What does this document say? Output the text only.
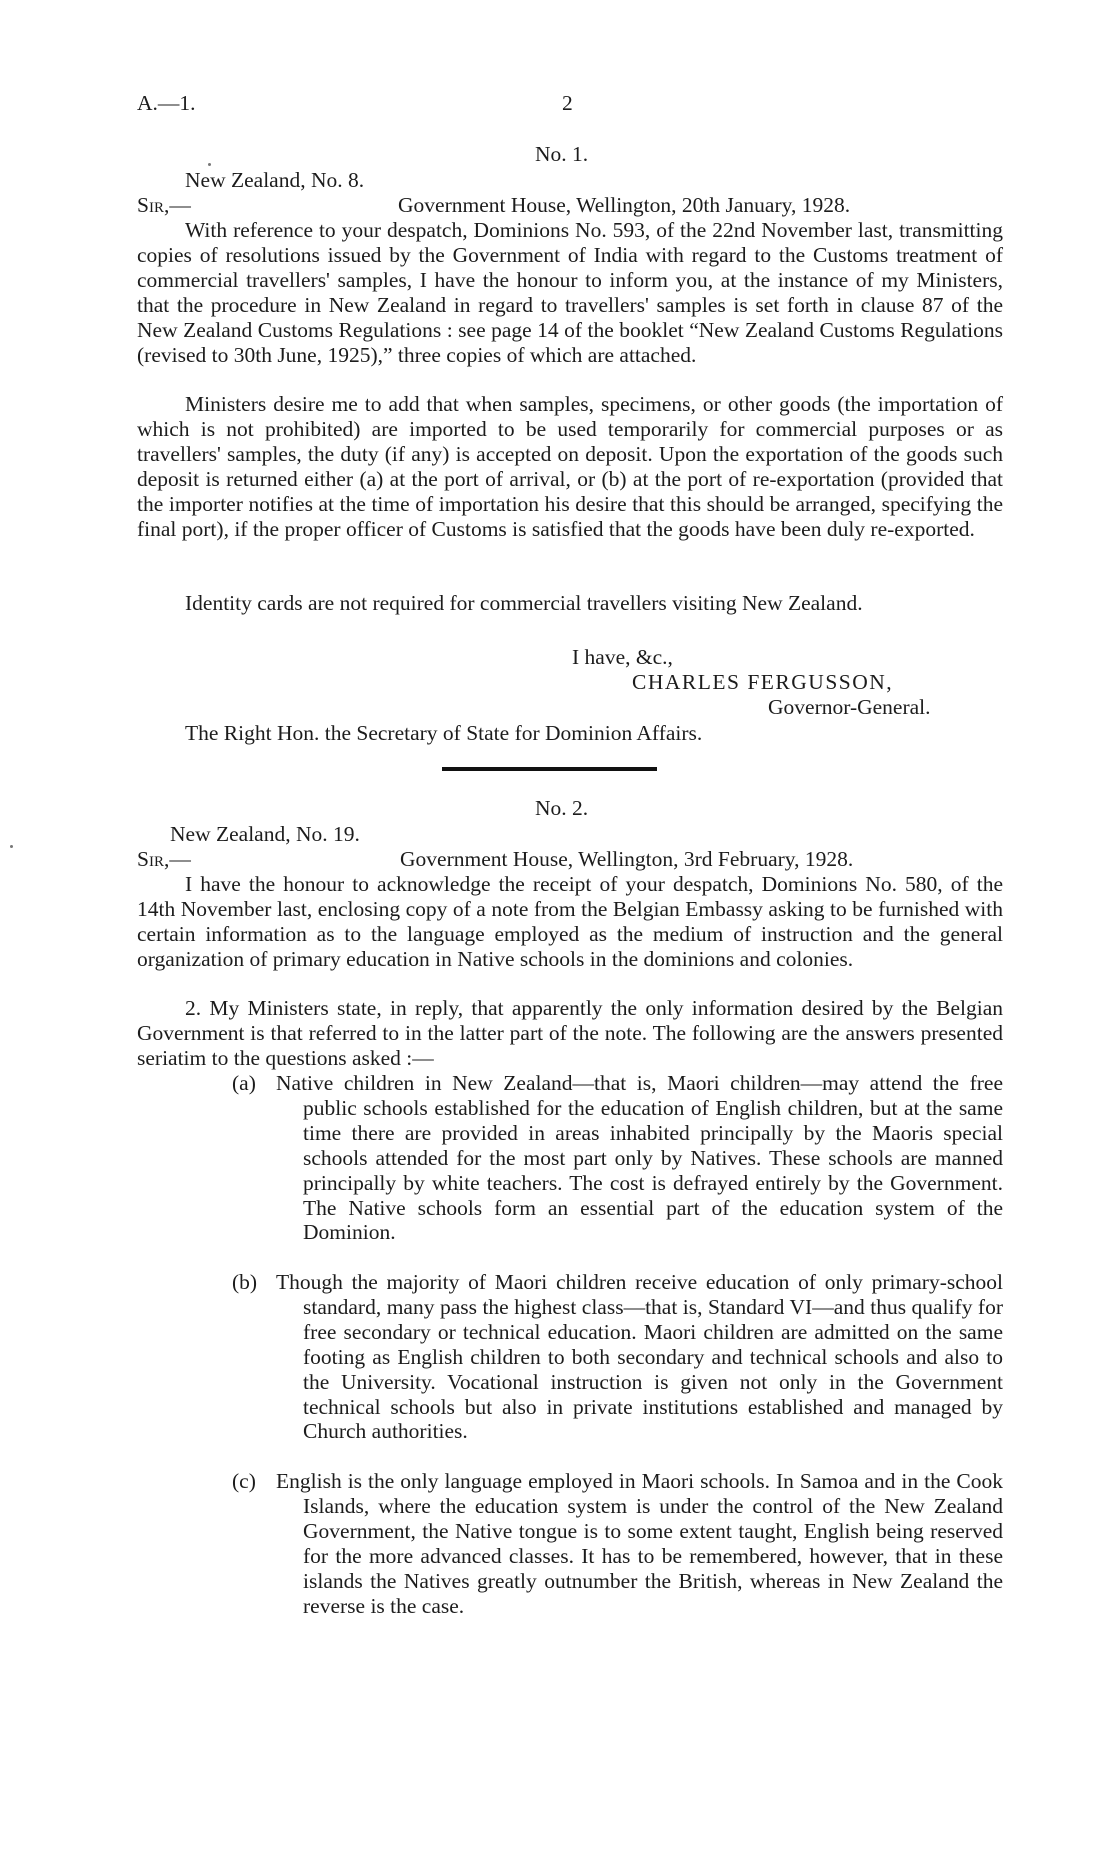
A.—1.	2
No. 1.
New Zealand, No. 8.
Sir,—	Government House, Wellington, 20th January, 1928.
With reference to your despatch, Dominions No. 593, of the 22nd November last, transmitting copies of resolutions issued by the Government of India with regard to the Customs treatment of commercial travellers' samples, I have the honour to inform you, at the instance of my Ministers, that the procedure in New Zealand in regard to travellers' samples is set forth in clause 87 of the New Zealand Customs Regulations : see page 14 of the booklet “New Zealand Customs Regulations (revised to 30th June, 1925),” three copies of which are attached.
Ministers desire me to add that when samples, specimens, or other goods (the importation of which is not prohibited) are imported to be used temporarily for commercial purposes or as travellers' samples, the duty (if any) is accepted on deposit. Upon the exportation of the goods such deposit is returned either (a) at the port of arrival, or (b) at the port of re-exportation (provided that the importer notifies at the time of importation his desire that this should be arranged, specifying the final port), if the proper officer of Customs is satisfied that the goods have been duly re-exported.
Identity cards are not required for commercial travellers visiting New Zealand.
I have, &c.,
CHARLES FERGUSSON,
Governor-General.
The Right Hon. the Secretary of State for Dominion Affairs.
No. 2.
New Zealand, No. 19.
Sir,—	Government House, Wellington, 3rd February, 1928.
I have the honour to acknowledge the receipt of your despatch, Dominions No. 580, of the 14th November last, enclosing copy of a note from the Belgian Embassy asking to be furnished with certain information as to the language employed as the medium of instruction and the general organization of primary education in Native schools in the dominions and colonies.
2. My Ministers state, in reply, that apparently the only information desired by the Belgian Government is that referred to in the latter part of the note. The following are the answers presented seriatim to the questions asked :—
(a) Native children in New Zealand—that is, Maori children—may attend the free public schools established for the education of English children, but at the same time there are provided in areas inhabited principally by the Maoris special schools attended for the most part only by Natives. These schools are manned principally by white teachers. The cost is defrayed entirely by the Government. The Native schools form an essential part of the education system of the Dominion.
(b) Though the majority of Maori children receive education of only primary-school standard, many pass the highest class—that is, Standard VI—and thus qualify for free secondary or technical education. Maori children are admitted on the same footing as English children to both secondary and technical schools and also to the University. Vocational instruction is given not only in the Government technical schools but also in private institutions established and managed by Church authorities.
(c) English is the only language employed in Maori schools. In Samoa and in the Cook Islands, where the education system is under the control of the New Zealand Government, the Native tongue is to some extent taught, English being reserved for the more advanced classes. It has to be remembered, however, that in these islands the Natives greatly outnumber the British, whereas in New Zealand the reverse is the case.
